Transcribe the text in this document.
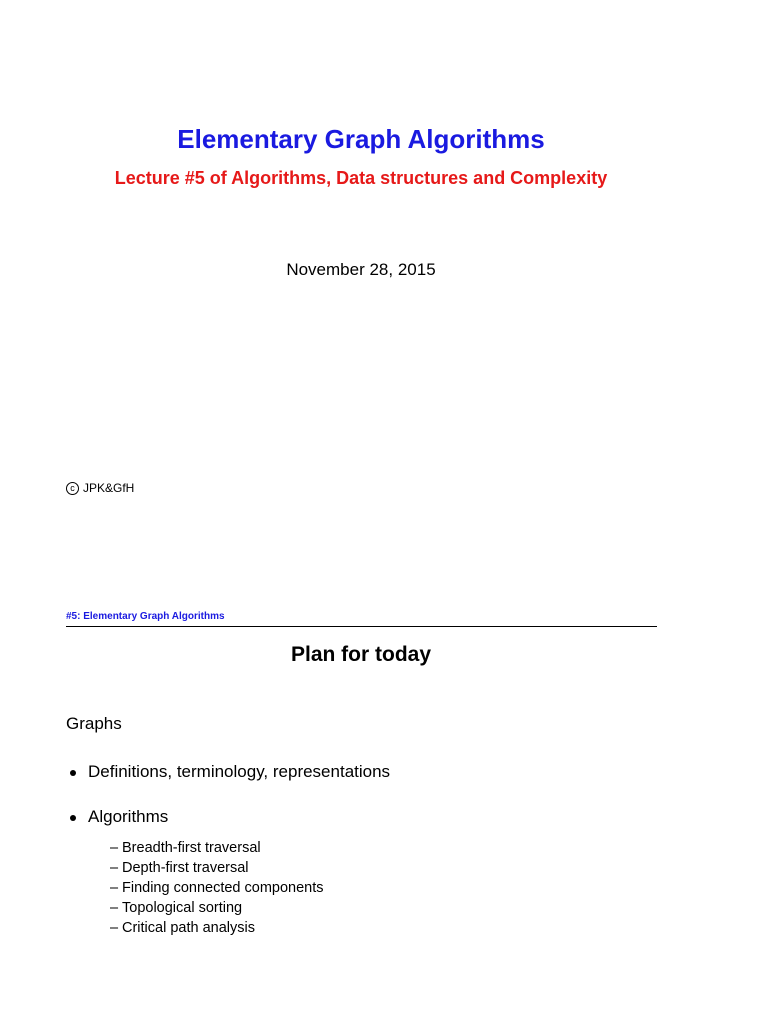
Elementary Graph Algorithms
Lecture #5 of Algorithms, Data structures and Complexity

November 28, 2015

c JPK&GfH
#5: Elementary Graph Algorithms
Plan for today
Graphs
Definitions, terminology, representations
Algorithms
– Breadth-first traversal
– Depth-first traversal
– Finding connected components
– Topological sorting
– Critical path analysis
